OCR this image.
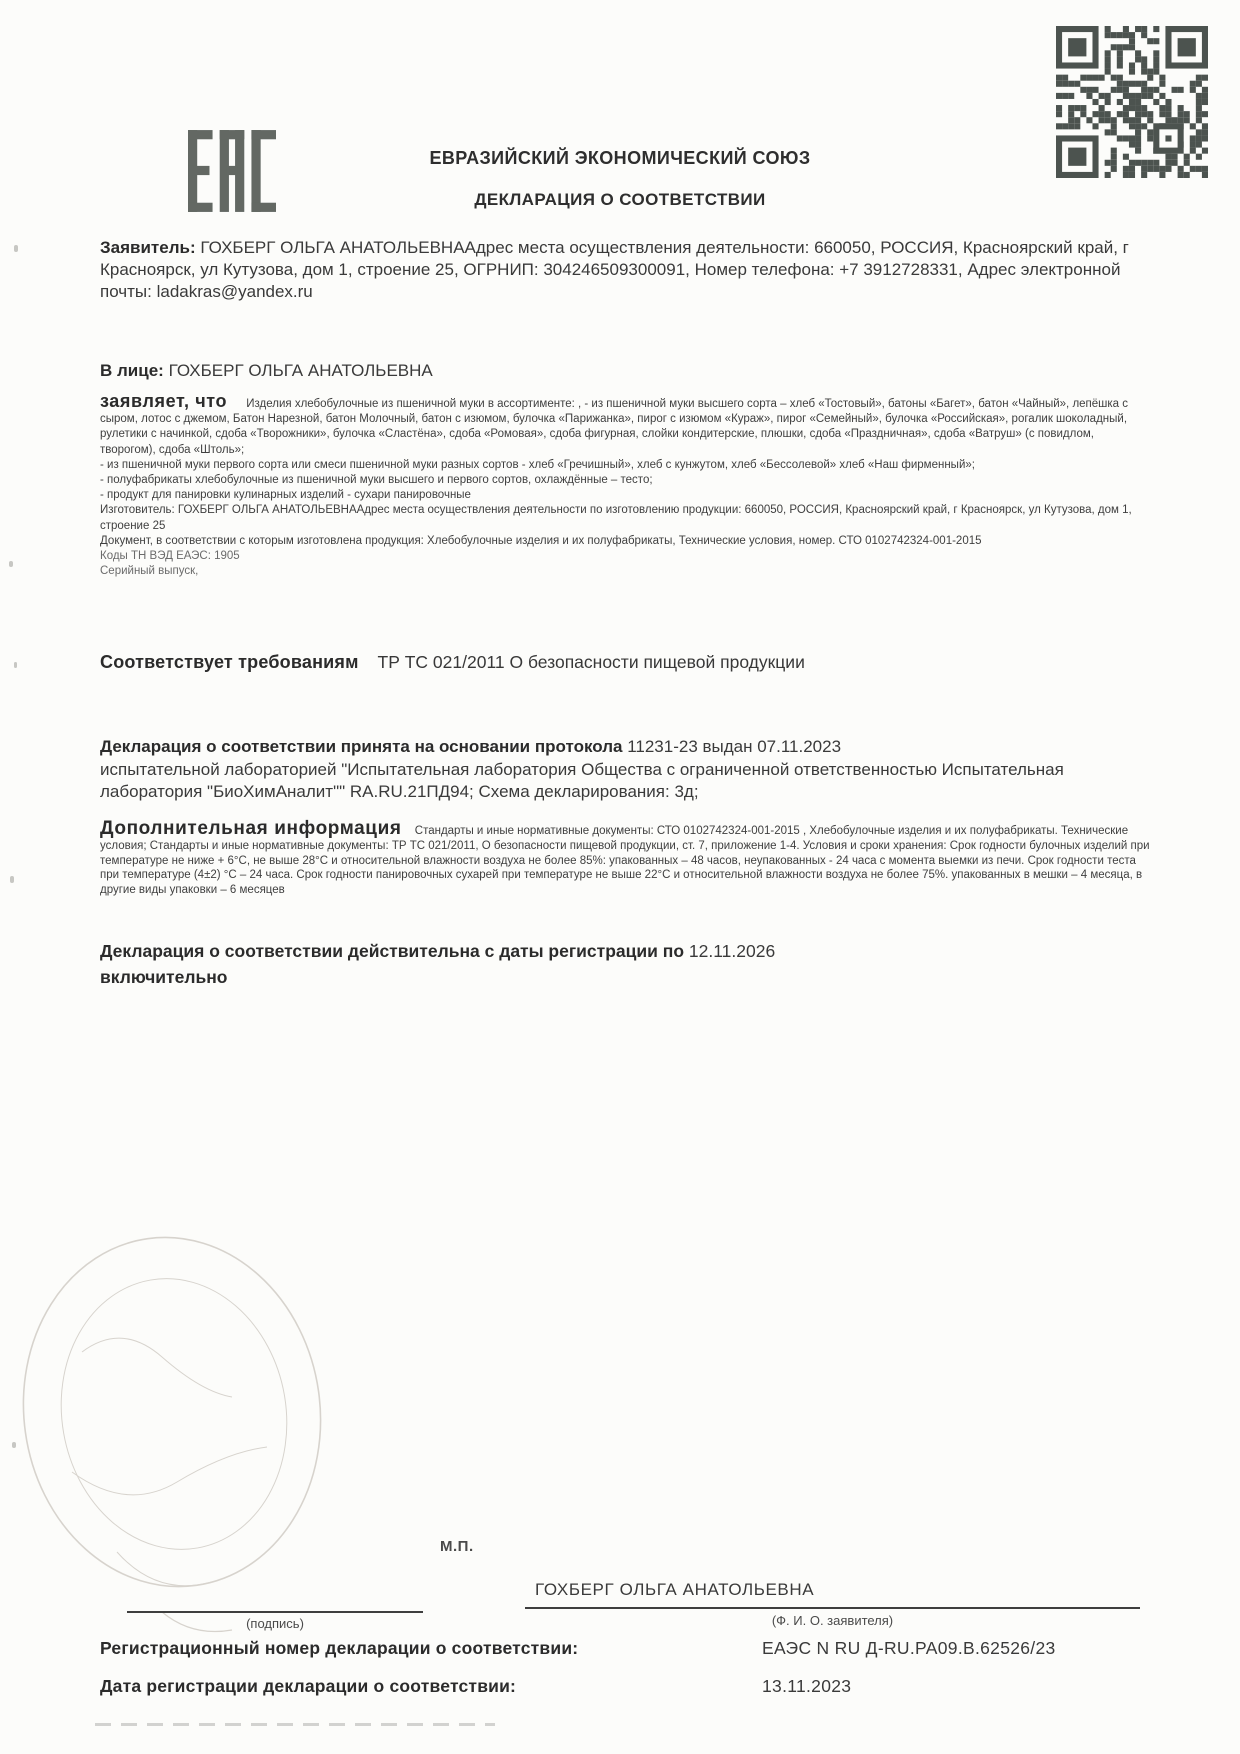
ЕВРАЗИЙСКИЙ ЭКОНОМИЧЕСКИЙ СОЮЗ
ДЕКЛАРАЦИЯ О СООТВЕТСТВИИ
Заявитель: ГОХБЕРГ ОЛЬГА АНАТОЛЬЕВНААдрес места осуществления деятельности: 660050, РОССИЯ, Красноярский край, г Красноярск, ул Кутузова, дом 1, строение 25, ОГРНИП: 304246509300091, Номер телефона: +7 3912728331, Адрес электронной почты: ladakras@yandex.ru
В лице: ГОХБЕРГ ОЛЬГА АНАТОЛЬЕВНА
заявляет, что Изделия хлебобулочные из пшеничной муки в ассортименте: , - из пшеничной муки высшего сорта – хлеб «Тостовый», батоны «Багет», батон «Чайный», лепёшка с сыром, лотос с джемом, Батон Нарезной, батон Молочный, батон с изюмом, булочка «Парижанка», пирог с изюмом «Кураж», пирог «Семейный», булочка «Российская», рогалик шоколадный, рулетики с начинкой, сдоба «Творожники», булочка «Сластёна», сдоба «Ромовая», сдоба фигурная, слойки кондитерские, плюшки, сдоба «Праздничная», сдоба «Ватруш» (с повидлом, творогом), сдоба «Штоль»;
- из пшеничной муки первого сорта или смеси пшеничной муки разных сортов - хлеб «Гречишный», хлеб с кунжутом, хлеб «Бессолевой» хлеб «Наш фирменный»;
- полуфабрикаты хлебобулочные из пшеничной муки высшего и первого сортов, охлаждённые – тесто;
- продукт для панировки кулинарных изделий - сухари панировочные
Изготовитель: ГОХБЕРГ ОЛЬГА АНАТОЛЬЕВНААдрес места осуществления деятельности по изготовлению продукции: 660050, РОССИЯ, Красноярский край, г Красноярск, ул Кутузова, дом 1, строение 25
Документ, в соответствии с которым изготовлена продукция: Хлебобулочные изделия и их полуфабрикаты, Технические условия, номер. СТО 0102742324-001-2015
Коды ТН ВЭД ЕАЭС: 1905
Серийный выпуск,
Соответствует требованиям ТР ТС 021/2011 О безопасности пищевой продукции
Декларация о соответствии принята на основании протокола 11231-23 выдан 07.11.2023
испытательной лабораторией "Испытательная лаборатория Общества с ограниченной ответственностью Испытательная лаборатория "БиоХимАналит"" RA.RU.21ПД94; Схема декларирования: 3д;
Дополнительная информация Стандарты и иные нормативные документы: СТО 0102742324-001-2015 , Хлебобулочные изделия и их полуфабрикаты. Технические условия; Стандарты и иные нормативные документы: ТР ТС 021/2011, О безопасности пищевой продукции, ст. 7, приложение 1-4. Условия и сроки хранения: Срок годности булочных изделий при температуре не ниже + 6°С, не выше 28°С и относительной влажности воздуха не более 85%: упакованных – 48 часов, неупакованных - 24 часа с момента выемки из печи. Срок годности теста при температуре (4±2) °С – 24 часа. Срок годности панировочных сухарей при температуре не выше 22°С и относительной влажности воздуха не более 75%. упакованных в мешки – 4 месяца, в другие виды упаковки – 6 месяцев
Декларация о соответствии действительна с даты регистрации по 12.11.2026
включительно
М.П.
ГОХБЕРГ ОЛЬГА АНАТОЛЬЕВНА
(подпись)	(Ф. И. О. заявителя)
Регистрационный номер декларации о соответствии:	ЕАЭС N RU Д-RU.РА09.В.62526/23
Дата регистрации декларации о соответствии:	13.11.2023
